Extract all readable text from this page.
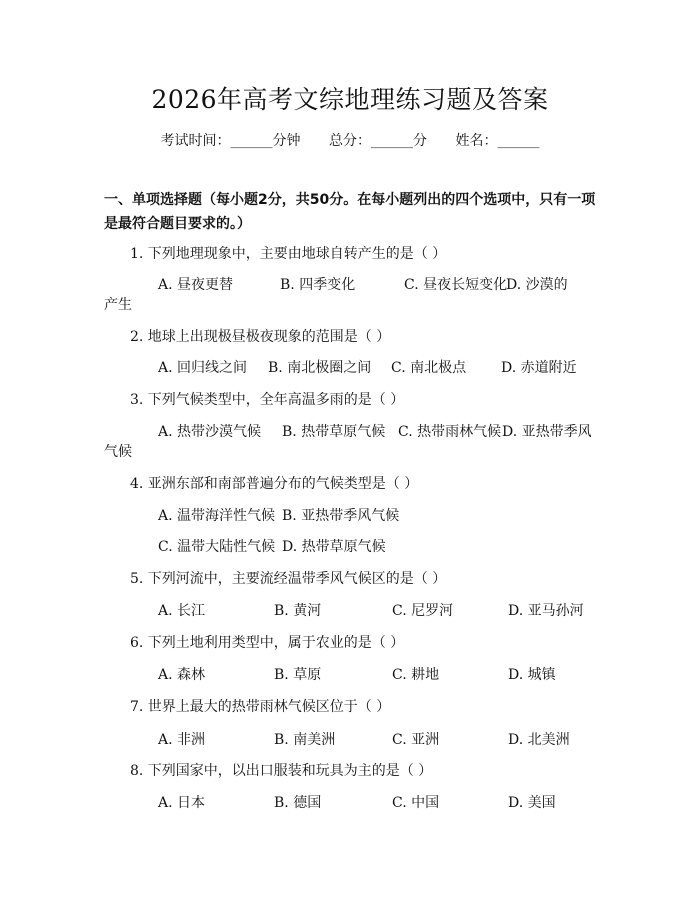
2026年高考文综地理练习题及答案
考试时间：______分钟 总分：______分 姓名：______
一、单项选择题（每小题2分，共50分。在每小题列出的四个选项中，只有一项是最符合题目要求的。）
1. 下列地理现象中，主要由地球自转产生的是（ ）
A. 昼夜更替	B. 四季变化	C. 昼夜长短变化D. 沙漠的
产生
2. 地球上出现极昼极夜现象的范围是（ ）
A. 回归线之间 B. 南北极圈之间 C. 南北极点 D. 赤道附近
3. 下列气候类型中，全年高温多雨的是（ ）
A. 热带沙漠气候 B. 热带草原气候 C. 热带雨林气候D. 亚热带季风
气候
4. 亚洲东部和南部普遍分布的气候类型是（ ）
A. 温带海洋性气候 B. 亚热带季风气候
C. 温带大陆性气候 D. 热带草原气候
5. 下列河流中，主要流经温带季风气候区的是（ ）
A. 长江	B. 黄河	C. 尼罗河	D. 亚马孙河
6. 下列土地利用类型中，属于农业的是（ ）
A. 森林	B. 草原	C. 耕地	D. 城镇
7. 世界上最大的热带雨林气候区位于（ ）
A. 非洲	B. 南美洲	C. 亚洲	D. 北美洲
8. 下列国家中，以出口服装和玩具为主的是（ ）
A. 日本	B. 德国	C. 中国	D. 美国
